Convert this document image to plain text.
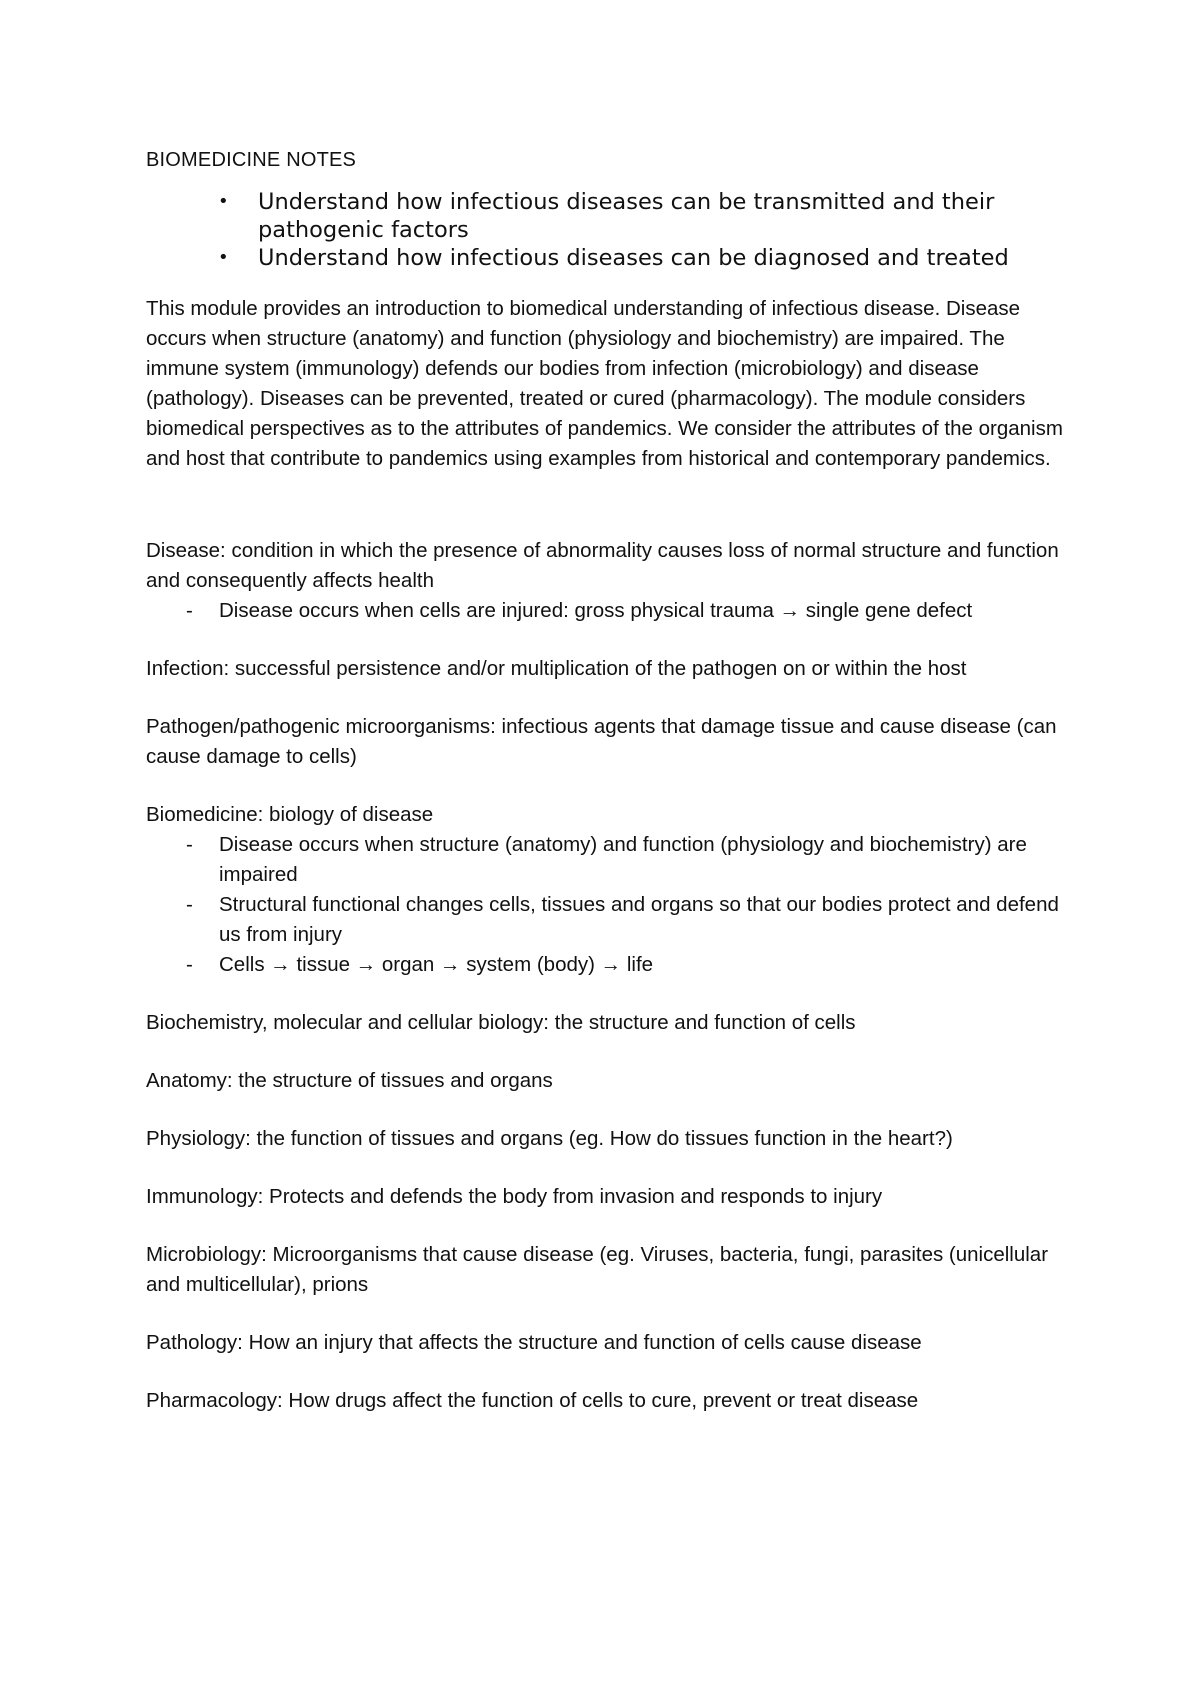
BIOMEDICINE NOTES
• Understand how infectious diseases can be transmitted and their pathogenic factors
• Understand how infectious diseases can be diagnosed and treated

This module provides an introduction to biomedical understanding of infectious disease. Disease occurs when structure (anatomy) and function (physiology and biochemistry) are impaired. The immune system (immunology) defends our bodies from infection (microbiology) and disease (pathology). Diseases can be prevented, treated or cured (pharmacology). The module considers biomedical perspectives as to the attributes of pandemics. We consider the attributes of the organism and host that contribute to pandemics using examples from historical and contemporary pandemics.

Disease: condition in which the presence of abnormality causes loss of normal structure and function and consequently affects health

- Disease occurs when cells are injured: gross physical trauma → single gene defect

Infection: successful persistence and/or multiplication of the pathogen on or within the host

Pathogen/pathogenic microorganisms: infectious agents that damage tissue and cause disease (can cause damage to cells)

Biomedicine: biology of disease

- Disease occurs when structure (anatomy) and function (physiology and biochemistry) are impaired
- Structural functional changes cells, tissues and organs so that our bodies protect and defend us from injury
- Cells → tissue → organ → system (body) → life

Biochemistry, molecular and cellular biology: the structure and function of cells

Anatomy: the structure of tissues and organs

Physiology: the function of tissues and organs (eg. How do tissues function in the heart?)

Immunology: Protects and defends the body from invasion and responds to injury

Microbiology: Microorganisms that cause disease (eg. Viruses, bacteria, fungi, parasites (unicellular and multicellular), prions

Pathology: How an injury that affects the structure and function of cells cause disease

Pharmacology: How drugs affect the function of cells to cure, prevent or treat disease
